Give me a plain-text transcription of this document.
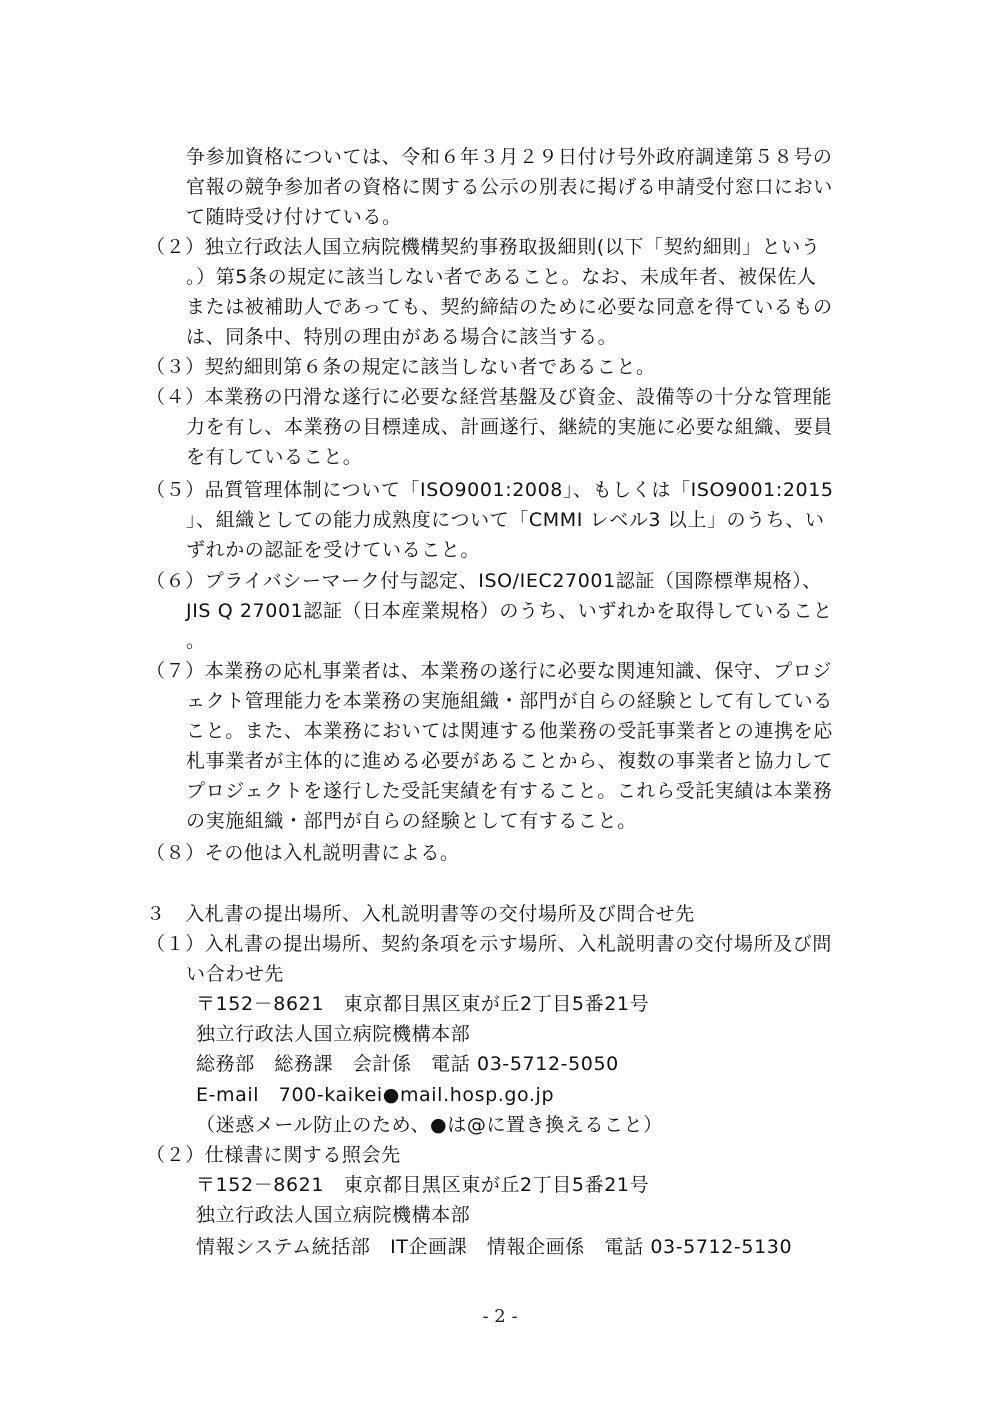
争参加資格については、令和６年３月２９日付け号外政府調達第５８号の
官報の競争参加者の資格に関する公示の別表に掲げる申請受付窓口におい
て随時受け付けている。
（２）独立行政法人国立病院機構契約事務取扱細則(以下「契約細則」という
。）第5条の規定に該当しない者であること。なお、未成年者、被保佐人
または被補助人であっても、契約締結のために必要な同意を得ているもの
は、同条中、特別の理由がある場合に該当する。
（３）契約細則第６条の規定に該当しない者であること。
（４）本業務の円滑な遂行に必要な経営基盤及び資金、設備等の十分な管理能
力を有し、本業務の目標達成、計画遂行、継続的実施に必要な組織、要員
を有していること。
（５）品質管理体制について「ISO9001:2008」、もしくは「ISO9001:2015
」、組織としての能力成熟度について「CMMI レベル3 以上」のうち、い
ずれかの認証を受けていること。
（６）プライバシーマーク付与認定、ISO/IEC27001認証（国際標準規格）、
JIS Q 27001認証（日本産業規格）のうち、いずれかを取得していること
。
（７）本業務の応札事業者は、本業務の遂行に必要な関連知識、保守、プロジ
ェクト管理能力を本業務の実施組織・部門が自らの経験として有している
こと。また、本業務においては関連する他業務の受託事業者との連携を応
札事業者が主体的に進める必要があることから、複数の事業者と協力して
プロジェクトを遂行した受託実績を有すること。これら受託実績は本業務
の実施組織・部門が自らの経験として有すること。
（８）その他は入札説明書による。
３　入札書の提出場所、入札説明書等の交付場所及び問合せ先
（１）入札書の提出場所、契約条項を示す場所、入札説明書の交付場所及び問
い合わせ先
〒152－8621　東京都目黒区東が丘2丁目5番21号
独立行政法人国立病院機構本部
総務部　総務課　会計係　電話 03-5712-5050
E-mail　700-kaikei●mail.hosp.go.jp
（迷惑メール防止のため、●は@に置き換えること）
（２）仕様書に関する照会先
〒152－8621　東京都目黒区東が丘2丁目5番21号
独立行政法人国立病院機構本部
情報システム統括部　IT企画課　情報企画係　電話 03-5712-5130
- 2 -
